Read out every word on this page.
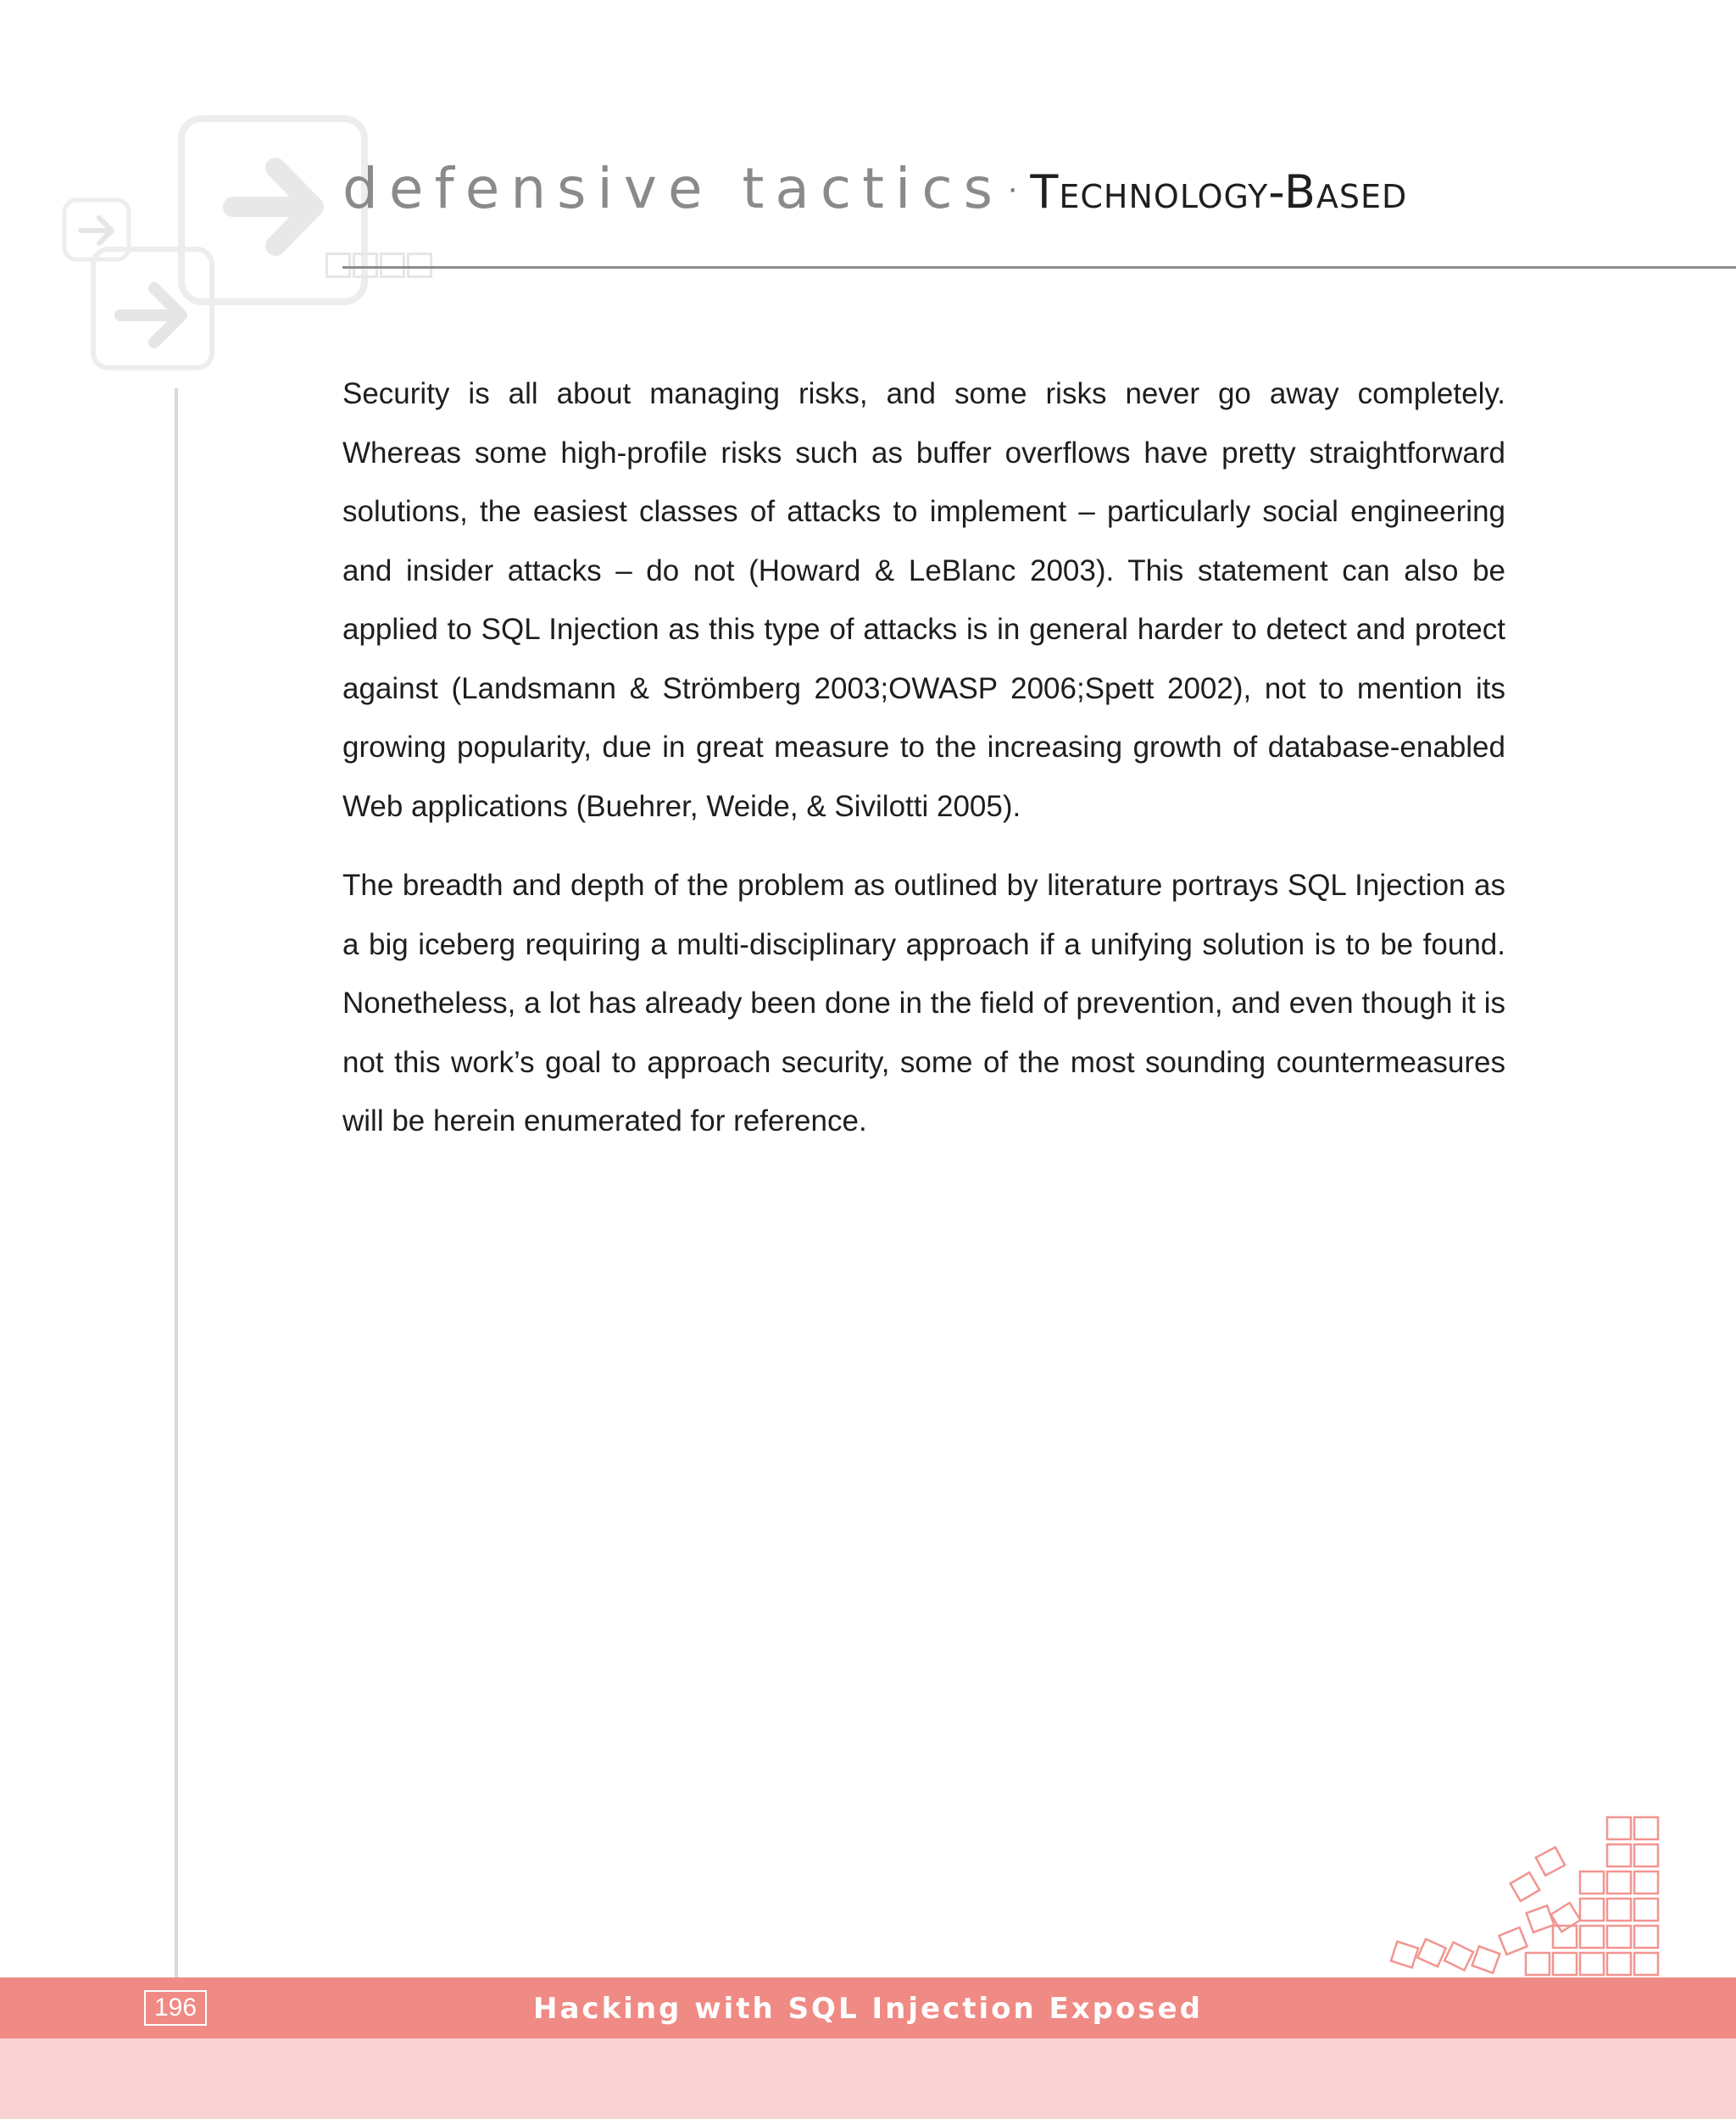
defensive tactics · Technology-Based

Security is all about managing risks, and some risks never go away completely. Whereas some high-profile risks such as buffer overflows have pretty straightforward solutions, the easiest classes of attacks to implement – particularly social engineering and insider attacks – do not (Howard & LeBlanc 2003). This statement can also be applied to SQL Injection as this type of attacks is in general harder to detect and protect against (Landsmann & Strömberg 2003;OWASP 2006;Spett 2002), not to mention its growing popularity, due in great measure to the increasing growth of database-enabled Web applications (Buehrer, Weide, & Sivilotti 2005).

The breadth and depth of the problem as outlined by literature portrays SQL Injection as a big iceberg requiring a multi-disciplinary approach if a unifying solution is to be found. Nonetheless, a lot has already been done in the field of prevention, and even though it is not this work’s goal to approach security, some of the most sounding countermeasures will be herein enumerated for reference.

196	Hacking with SQL Injection Exposed
